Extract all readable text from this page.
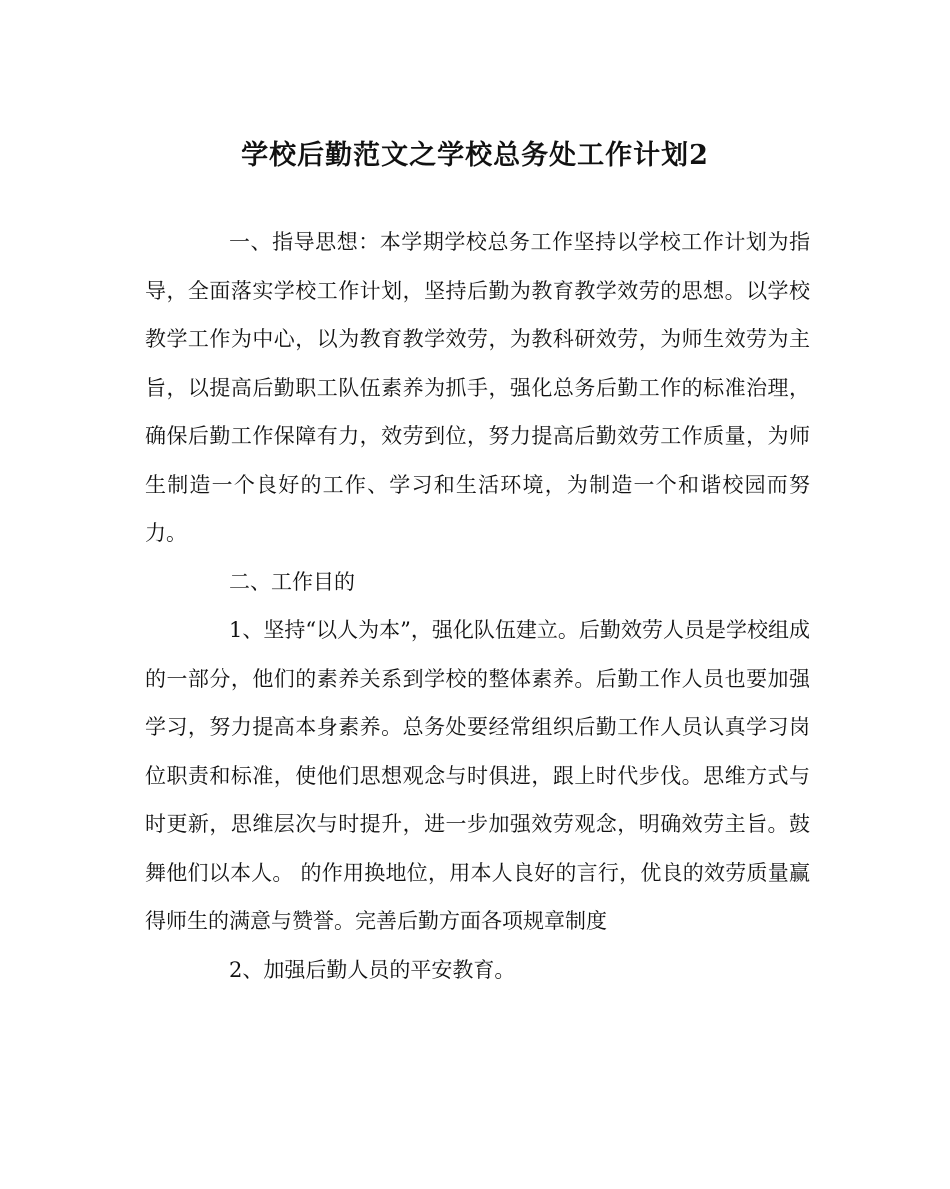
学校后勤范文之学校总务处工作计划2

一、指导思想：本学期学校总务工作坚持以学校工作计划为指导，全面落实学校工作计划，坚持后勤为教育教学效劳的思想。以学校教学工作为中心，以为教育教学效劳，为教科研效劳，为师生效劳为主旨，以提高后勤职工队伍素养为抓手，强化总务后勤工作的标准治理，确保后勤工作保障有力，效劳到位，努力提高后勤效劳工作质量，为师生制造一个良好的工作、学习和生活环境，为制造一个和谐校园而努力。

二、工作目的

1、坚持“以人为本”，强化队伍建立。后勤效劳人员是学校组成的一部分，他们的素养关系到学校的整体素养。后勤工作人员也要加强学习，努力提高本身素养。总务处要经常组织后勤工作人员认真学习岗位职责和标准，使他们思想观念与时俱进，跟上时代步伐。思维方式与时更新，思维层次与时提升，进一步加强效劳观念，明确效劳主旨。鼓舞他们以本人。 的作用换地位，用本人良好的言行，优良的效劳质量赢得师生的满意与赞誉。完善后勤方面各项规章制度

2、加强后勤人员的平安教育。
